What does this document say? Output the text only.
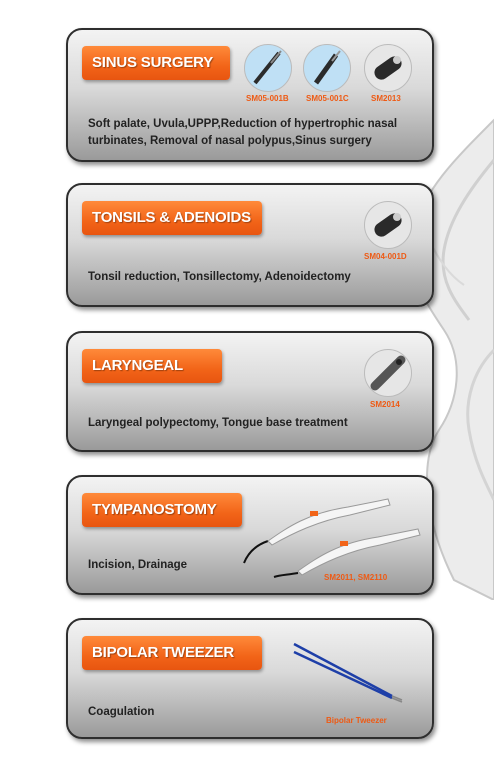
SINUS SURGERY
SM05-001B SM05-001C	SM2013
Soft palate, Uvula,UPPP,Reduction of hypertrophic nasal turbinates, Removal of nasal polypus,Sinus surgery
TONSILS & ADENOIDS
SM04-001D
Tonsil reduction, Tonsillectomy, Adenoidectomy
LARYNGEAL
SM2014
Laryngeal polypectomy, Tongue base treatment
TYMPANOSTOMY
SM2011, SM2110
Incision, Drainage
BIPOLAR TWEEZER
Bipolar Tweezer
Coagulation
